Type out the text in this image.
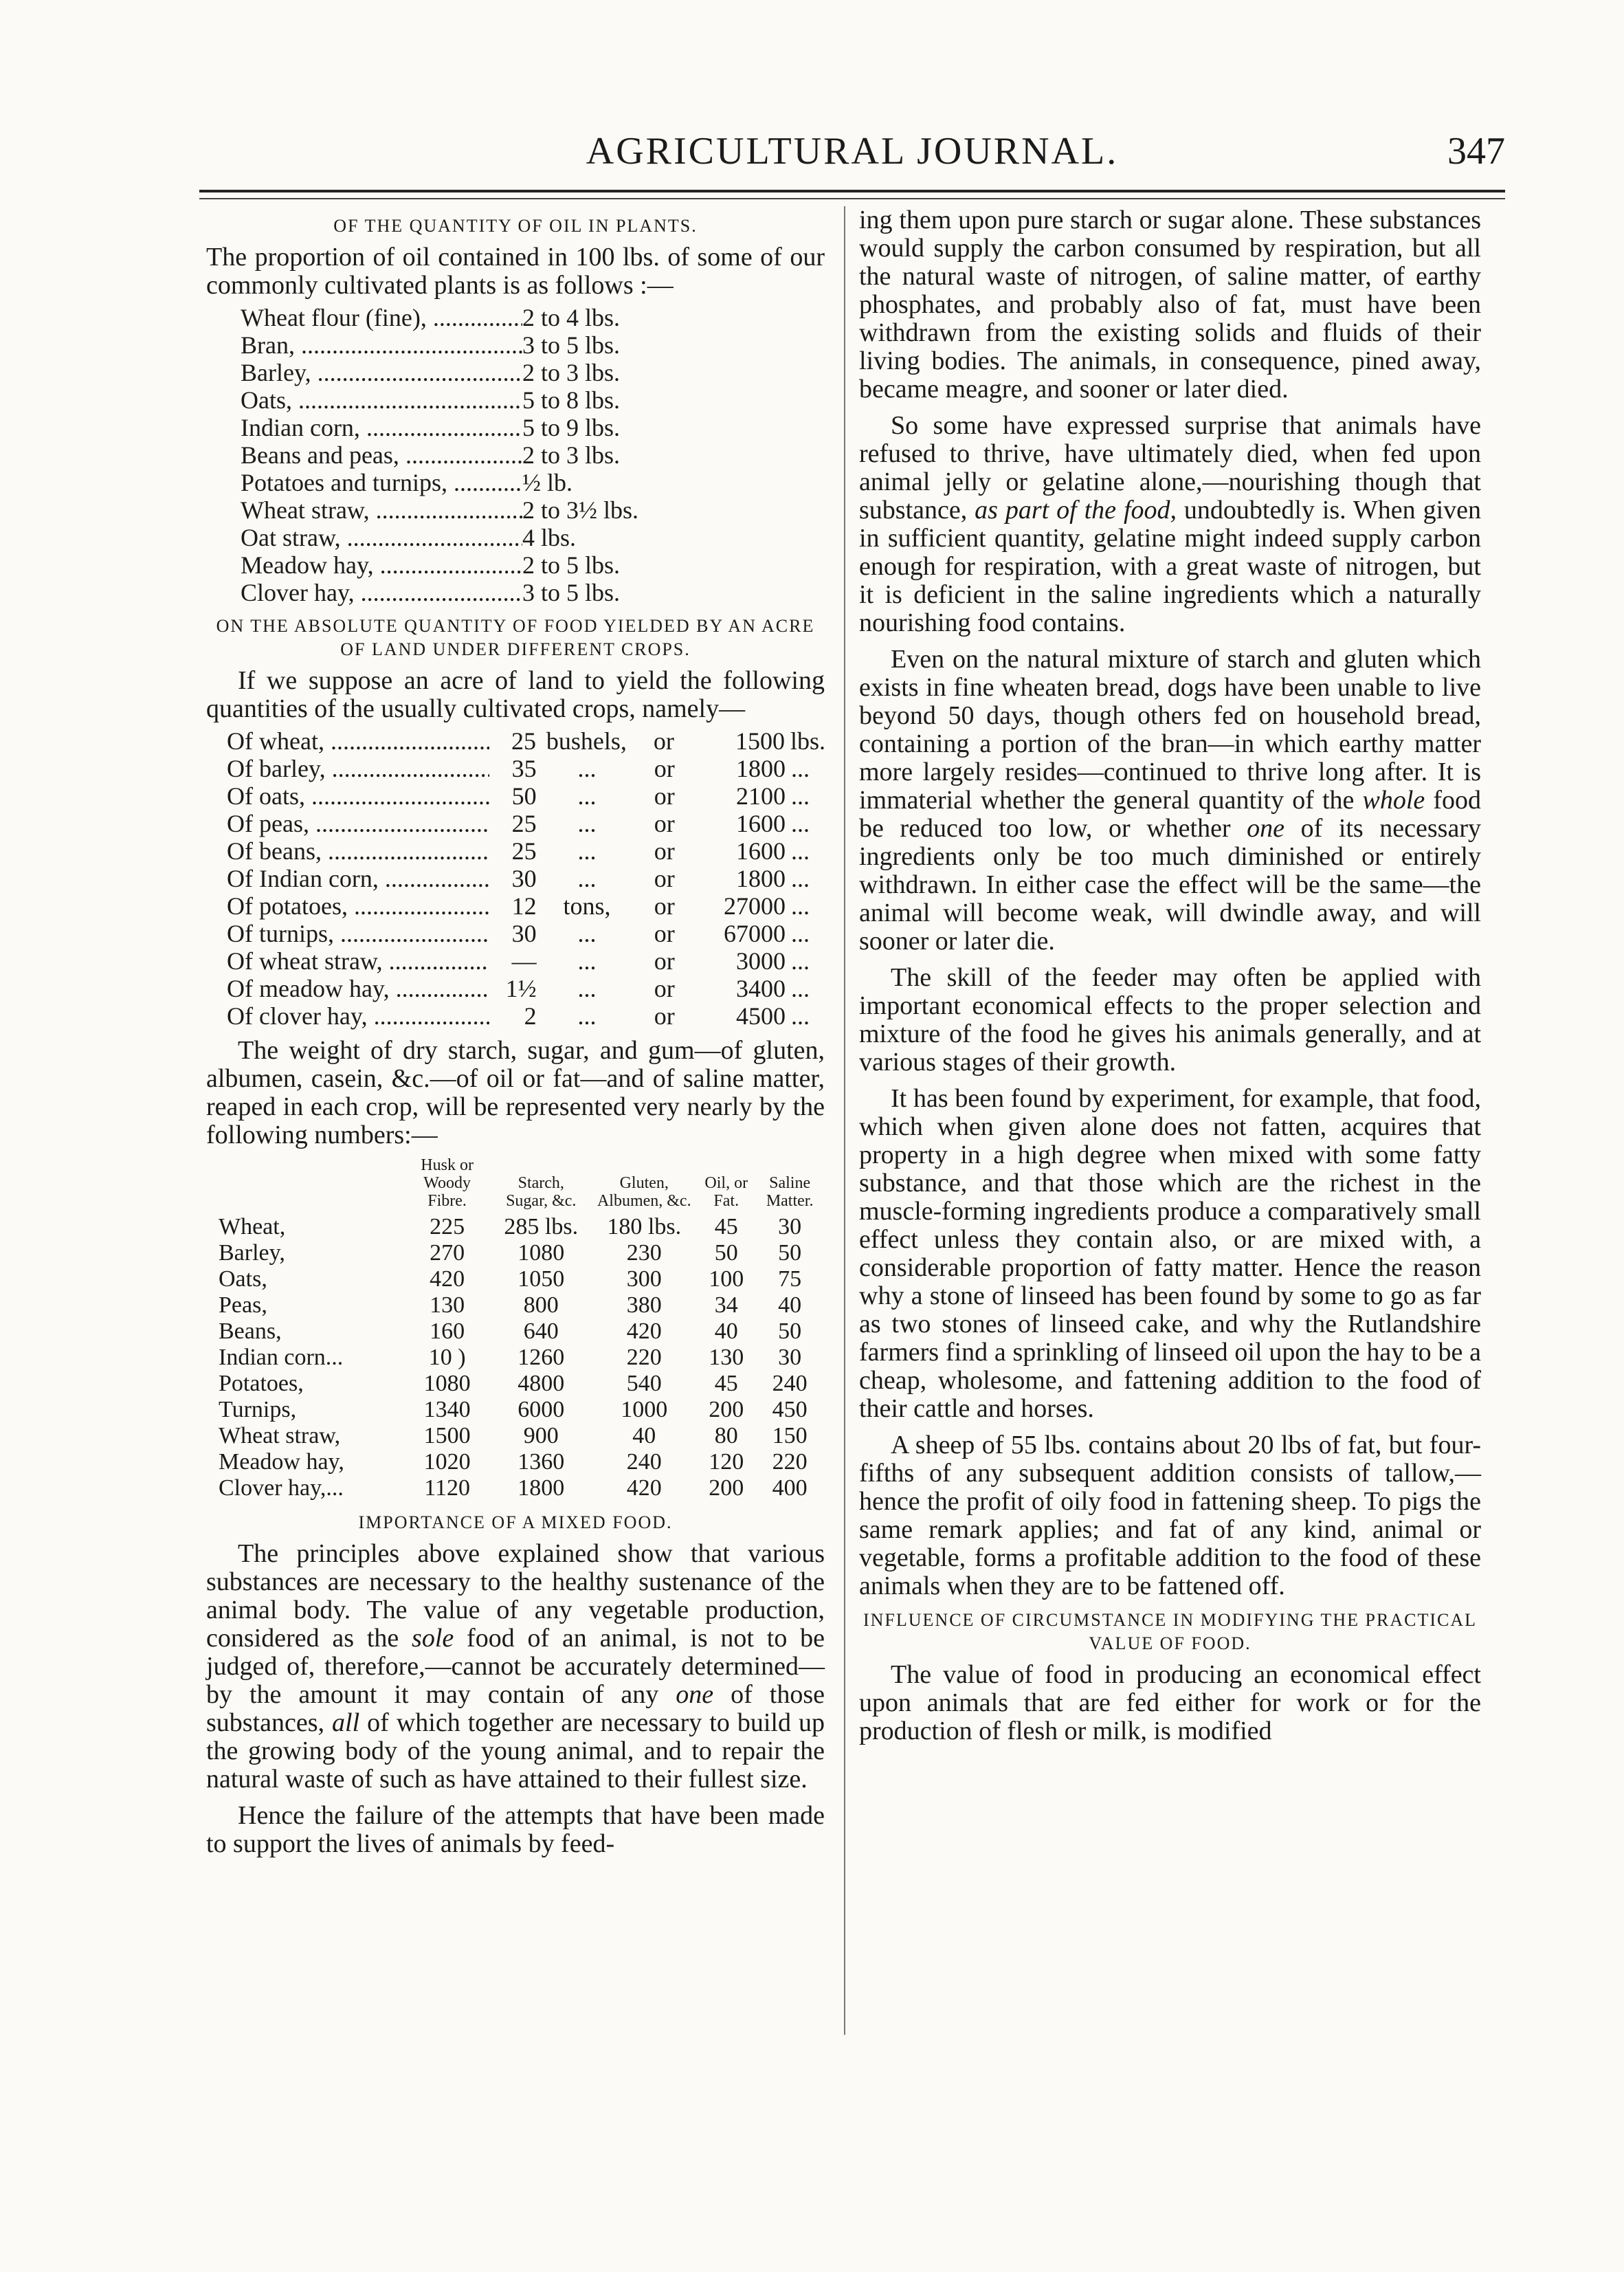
AGRICULTURAL JOURNAL.	347
OF THE QUANTITY OF OIL IN PLANTS.

The proportion of oil contained in 100 lbs. of some of our commonly cultivated plants is as follows :—

Wheat flour (fine), .....	2 to 4 lbs.
Bran, .....	3 to 5 lbs.
Barley, .....	2 to 3 lbs.
Oats, .....	5 to 8 lbs.
Indian corn, .....	5 to 9 lbs.
Beans and peas, .....	2 to 3 lbs.
Potatoes and turnips, .....	½ lb.
Wheat straw, .....	2 to 3½ lbs.
Oat straw, .....	4 lbs.
Meadow hay, .....	2 to 5 lbs.
Clover hay, .....	3 to 5 lbs.
ON THE ABSOLUTE QUANTITY OF FOOD YIELDED BY AN ACRE OF LAND UNDER DIFFERENT CROPS.

If we suppose an acre of land to yield the following quantities of the usually cultivated crops, namely—

Of wheat, .....	25 bushels,	or	1500 lbs.
Of barley, .....	35	...	or	1800 ...
Of oats, .....	50	...	or	2100 ...
Of peas, .....	25	...	or	1600 ...
Of beans, .....	25	...	or	1600 ...
Of Indian corn, .....	30	...	or	1800 ...
Of potatoes, .....	12	tons,	or	27000 ...
Of turnips, .....	30	...	or	67000 ...
Of wheat straw, .....	—	...	or	3000 ...
Of meadow hay, .....	1½	...	or	3400 ...
Of clover hay, .....	2	...	or	4500 ...

The weight of dry starch, sugar, and gum—of gluten, albumen, casein, &c.—of oil or fat—and of saline matter, reaped in each crop, will be represented very nearly by the following numbers:—

	Husk or Woody Fibre.	Starch, Sugar, &c.	Gluten, Albumen, &c.	Oil, or Fat.	Saline Matter.
Wheat,	225	285 lbs.	180 lbs.	45	30
Barley,	270	1080	230	50	50
Oats,	420	1050	300	100	75
Peas,	130	800	380	34	40
Beans,	160	640	420	40	50
Indian corn...	10 )	1260	220	130	30
Potatoes,	1080	4800	540	45	240
Turnips,	1340	6000	1000	200	450
Wheat straw,	1500	900	40	80	150
Meadow hay,	1020	1360	240	120	220
Clover hay,...	1120	1800	420	200	400
IMPORTANCE OF A MIXED FOOD.

The principles above explained show that various substances are necessary to the healthy sustenance of the animal body. The value of any vegetable production, considered as the sole food of an animal, is not to be judged of, therefore,—cannot be accurately determined—by the amount it may contain of any one of those substances, all of which together are necessary to build up the growing body of the young animal, and to repair the natural waste of such as have attained to their fullest size.

Hence the failure of the attempts that have been made to support the lives of animals by feed-

ing them upon pure starch or sugar alone. These substances would supply the carbon consumed by respiration, but all the natural waste of nitrogen, of saline matter, of earthy phosphates, and probably also of fat, must have been withdrawn from the existing solids and fluids of their living bodies. The animals, in consequence, pined away, became meagre, and sooner or later died.

So some have expressed surprise that animals have refused to thrive, have ultimately died, when fed upon animal jelly or gelatine alone,—nourishing though that substance, as part of the food, undoubtedly is. When given in sufficient quantity, gelatine might indeed supply carbon enough for respiration, with a great waste of nitrogen, but it is deficient in the saline ingredients which a naturally nourishing food contains.

Even on the natural mixture of starch and gluten which exists in fine wheaten bread, dogs have been unable to live beyond 50 days, though others fed on household bread, containing a portion of the bran—in which earthy matter more largely resides—continued to thrive long after. It is immaterial whether the general quantity of the whole food be reduced too low, or whether one of its necessary ingredients only be too much diminished or entirely withdrawn. In either case the effect will be the same—the animal will become weak, will dwindle away, and will sooner or later die.

The skill of the feeder may often be applied with important economical effects to the proper selection and mixture of the food he gives his animals generally, and at various stages of their growth.

It has been found by experiment, for example, that food, which when given alone does not fatten, acquires that property in a high degree when mixed with some fatty substance, and that those which are the richest in the muscle-forming ingredients produce a comparatively small effect unless they contain also, or are mixed with, a considerable proportion of fatty matter. Hence the reason why a stone of linseed has been found by some to go as far as two stones of linseed cake, and why the Rutlandshire farmers find a sprinkling of linseed oil upon the hay to be a cheap, wholesome, and fattening addition to the food of their cattle and horses.

A sheep of 55 lbs. contains about 20 lbs of fat, but four-fifths of any subsequent addition consists of tallow,—hence the profit of oily food in fattening sheep. To pigs the same remark applies; and fat of any kind, animal or vegetable, forms a profitable addition to the food of these animals when they are to be fattened off.

INFLUENCE OF CIRCUMSTANCE IN MODIFYING THE PRACTICAL VALUE OF FOOD.

The value of food in producing an economical effect upon animals that are fed either for work or for the production of flesh or milk, is modified
